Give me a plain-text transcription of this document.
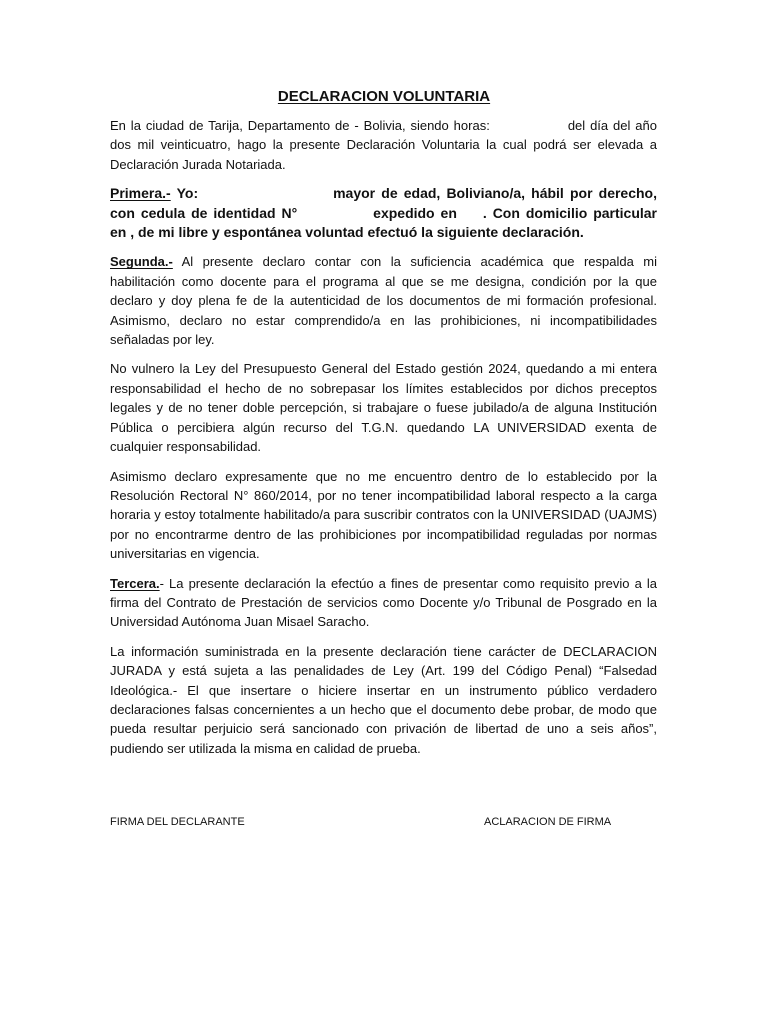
DECLARACION VOLUNTARIA

En la ciudad de Tarija, Departamento de - Bolivia, siendo horas:	del día del año dos mil veinticuatro, hago la presente Declaración Voluntaria la cual podrá ser elevada a Declaración Jurada Notariada.

Primera.- Yo:	mayor de edad, Boliviano/a, hábil por derecho, con cedula de identidad N°	expedido en . Con domicilio particular en , de mi libre y espontánea voluntad efectuó la siguiente declaración.

Segunda.- Al presente declaro contar con la suficiencia académica que respalda mi habilitación como docente para el programa al que se me designa, condición por la que declaro y doy plena fe de la autenticidad de los documentos de mi formación profesional. Asimismo, declaro no estar comprendido/a en las prohibiciones, ni incompatibilidades señaladas por ley.

No vulnero la Ley del Presupuesto General del Estado gestión 2024, quedando a mi entera responsabilidad el hecho de no sobrepasar los límites establecidos por dichos preceptos legales y de no tener doble percepción, si trabajare o fuese jubilado/a de alguna Institución Pública o percibiera algún recurso del T.G.N. quedando LA UNIVERSIDAD exenta de cualquier responsabilidad.

Asimismo declaro expresamente que no me encuentro dentro de lo establecido por la Resolución Rectoral N° 860/2014, por no tener incompatibilidad laboral respecto a la carga horaria y estoy totalmente habilitado/a para suscribir contratos con la UNIVERSIDAD (UAJMS) por no encontrarme dentro de las prohibiciones por incompatibilidad reguladas por normas universitarias en vigencia.

Tercera.- La presente declaración la efectúo a fines de presentar como requisito previo a la firma del Contrato de Prestación de servicios como Docente y/o Tribunal de Posgrado en la Universidad Autónoma Juan Misael Saracho.

La información suministrada en la presente declaración tiene carácter de DECLARACION JURADA y está sujeta a las penalidades de Ley (Art. 199 del Código Penal) “Falsedad Ideológica.- El que insertare o hiciere insertar en un instrumento público verdadero declaraciones falsas concernientes a un hecho que el documento debe probar, de modo que pueda resultar perjuicio será sancionado con privación de libertad de uno a seis años”, pudiendo ser utilizada la misma en calidad de prueba.

FIRMA DEL DECLARANTE	ACLARACION DE FIRMA
